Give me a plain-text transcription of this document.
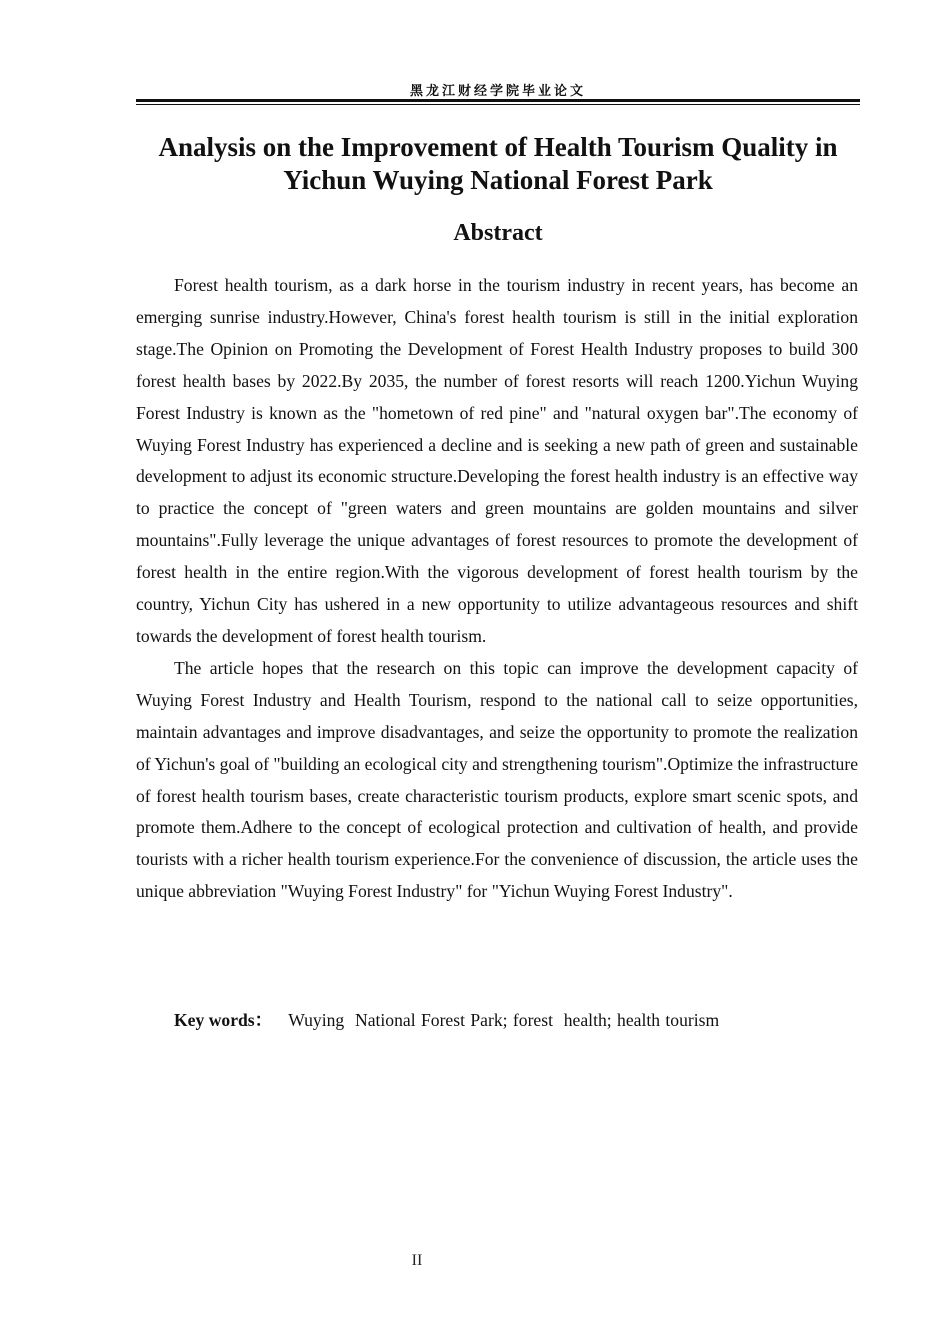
黑龙江财经学院毕业论文
Analysis on the Improvement of Health Tourism Quality in Yichun Wuying National Forest Park
Abstract

Forest health tourism, as a dark horse in the tourism industry in recent years, has become an emerging sunrise industry.However, China's forest health tourism is still in the initial exploration stage.The Opinion on Promoting the Development of Forest Health Industry proposes to build 300 forest health bases by 2022.By 2035, the number of forest resorts will reach 1200.Yichun Wuying Forest Industry is known as the "hometown of red pine" and "natural oxygen bar".The economy of Wuying Forest Industry has experienced a decline and is seeking a new path of green and sustainable development to adjust its economic structure.Developing the forest health industry is an effective way to practice the concept of "green waters and green mountains are golden mountains and silver mountains".Fully leverage the unique advantages of forest resources to promote the development of forest health in the entire region.With the vigorous development of forest health tourism by the country, Yichun City has ushered in a new opportunity to utilize advantageous resources and shift towards the development of forest health tourism.

The article hopes that the research on this topic can improve the development capacity of Wuying Forest Industry and Health Tourism, respond to the national call to seize opportunities, maintain advantages and improve disadvantages, and seize the opportunity to promote the realization of Yichun's goal of "building an ecological city and strengthening tourism".Optimize the infrastructure of forest health tourism bases, create characteristic tourism products, explore smart scenic spots, and promote them.Adhere to the concept of ecological protection and cultivation of health, and provide tourists with a richer health tourism experience.For the convenience of discussion, the article uses the unique abbreviation "Wuying Forest Industry" for "Yichun Wuying Forest Industry".

Key words： Wuying  National Forest Park; forest  health; health tourism
II
